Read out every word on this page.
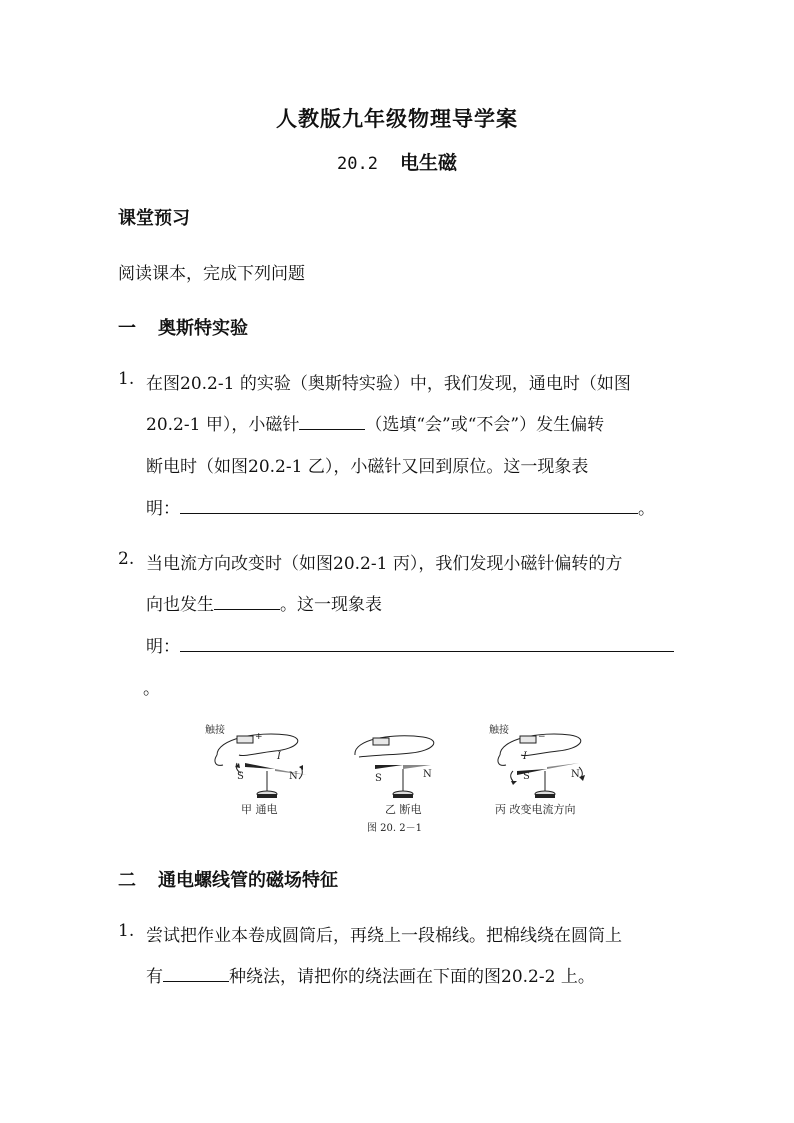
人教版九年级物理导学案
20.2 电生磁
课堂预习
阅读课本，完成下列问题
一 奥斯特实验
1. 在图20.2-1 的实验（奥斯特实验）中，我们发现，通电时（如图
20.2-1 甲），小磁针	（选填“会”或“不会”）发生偏转
断电时（如图20.2-1 乙），小磁针又回到原位。这一现象表
明：	。
2. 当电流方向改变时（如图20.2-1 丙），我们发现小磁针偏转的方
向也发生	。这一现象表
明：
。
触接	触接
+	−
I	I
S	N	S	N	S	N
甲 通电	乙 断电	丙 改变电流方向
图 20. 2－1
二 通电螺线管的磁场特征
1. 尝试把作业本卷成圆筒后，再绕上一段棉线。把棉线绕在圆筒上
有	种绕法，请把你的绕法画在下面的图20.2-2 上。
